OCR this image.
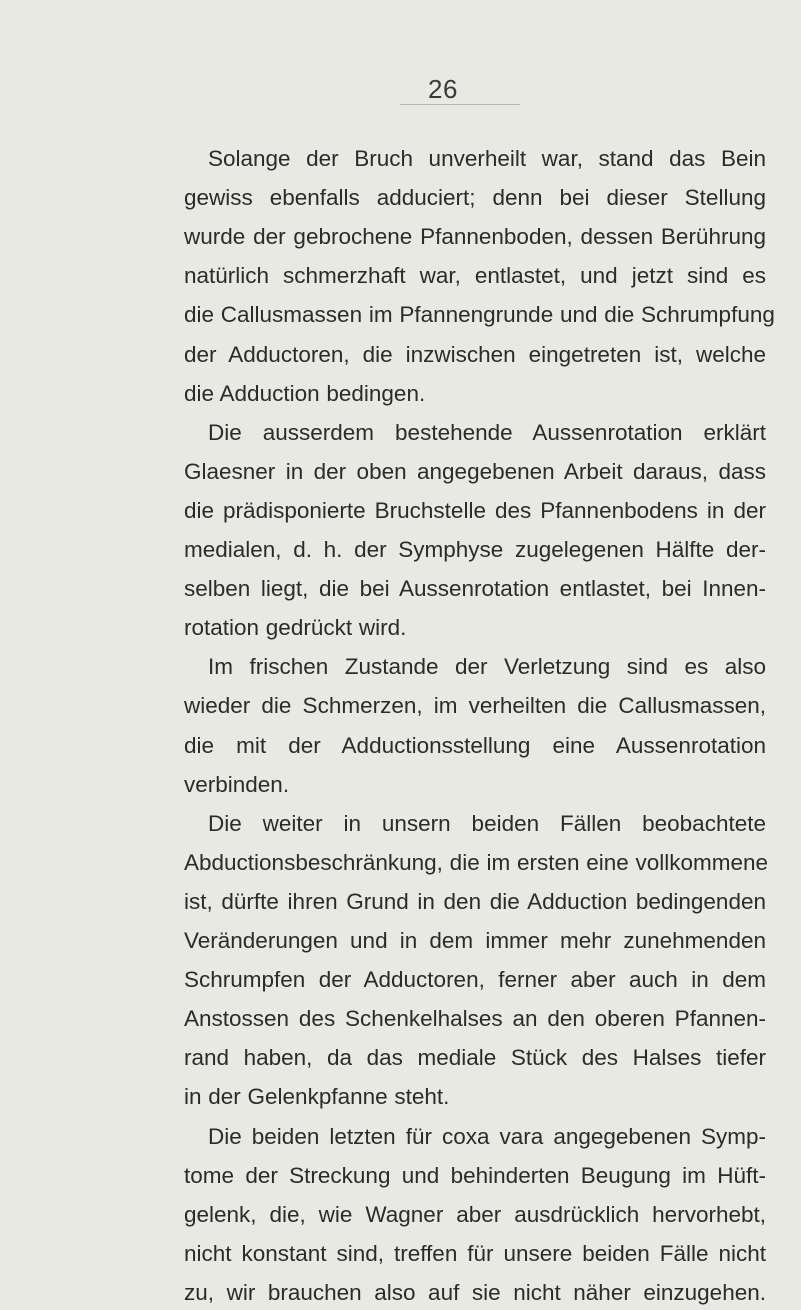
26
Solange der Bruch unverheilt war, stand das Bein
gewiss ebenfalls adduciert; denn bei dieser Stellung
wurde der gebrochene Pfannenboden, dessen Berührung
natürlich schmerzhaft war, entlastet, und jetzt sind es
die Callusmassen im Pfannengrunde und die Schrumpfung
der Adductoren, die inzwischen eingetreten ist, welche
die Adduction bedingen.
Die ausserdem bestehende Aussenrotation erklärt
Glaesner in der oben angegebenen Arbeit daraus, dass
die prädisponierte Bruchstelle des Pfannenbodens in der
medialen, d. h. der Symphyse zugelegenen Hälfte der-
selben liegt, die bei Aussenrotation entlastet, bei Innen-
rotation gedrückt wird.
Im frischen Zustande der Verletzung sind es also
wieder die Schmerzen, im verheilten die Callusmassen,
die mit der Adductionsstellung eine Aussenrotation
verbinden.
Die weiter in unsern beiden Fällen beobachtete
Abductionsbeschränkung, die im ersten eine vollkommene
ist, dürfte ihren Grund in den die Adduction bedingenden
Veränderungen und in dem immer mehr zunehmenden
Schrumpfen der Adductoren, ferner aber auch in dem
Anstossen des Schenkelhalses an den oberen Pfannen-
rand haben, da das mediale Stück des Halses tiefer
in der Gelenkpfanne steht.
Die beiden letzten für coxa vara angegebenen Symp-
tome der Streckung und behinderten Beugung im Hüft-
gelenk, die, wie Wagner aber ausdrücklich hervorhebt,
nicht konstant sind, treffen für unsere beiden Fälle nicht
zu, wir brauchen also auf sie nicht näher einzugehen.
